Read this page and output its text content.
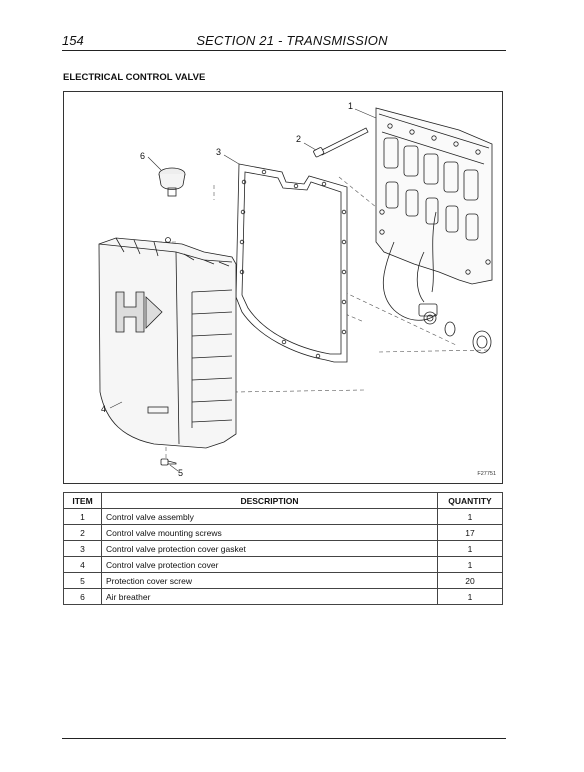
154	SECTION 21 - TRANSMISSION
ELECTRICAL CONTROL VALVE
1
2
3
6
4
5	F27751
ITEM	DESCRIPTION	QUANTITY
1	Control valve assembly	1
2	Control valve mounting screws	17
3	Control valve protection cover gasket	1
4	Control valve protection cover	1
5	Protection cover screw	20
6	Air breather	1
